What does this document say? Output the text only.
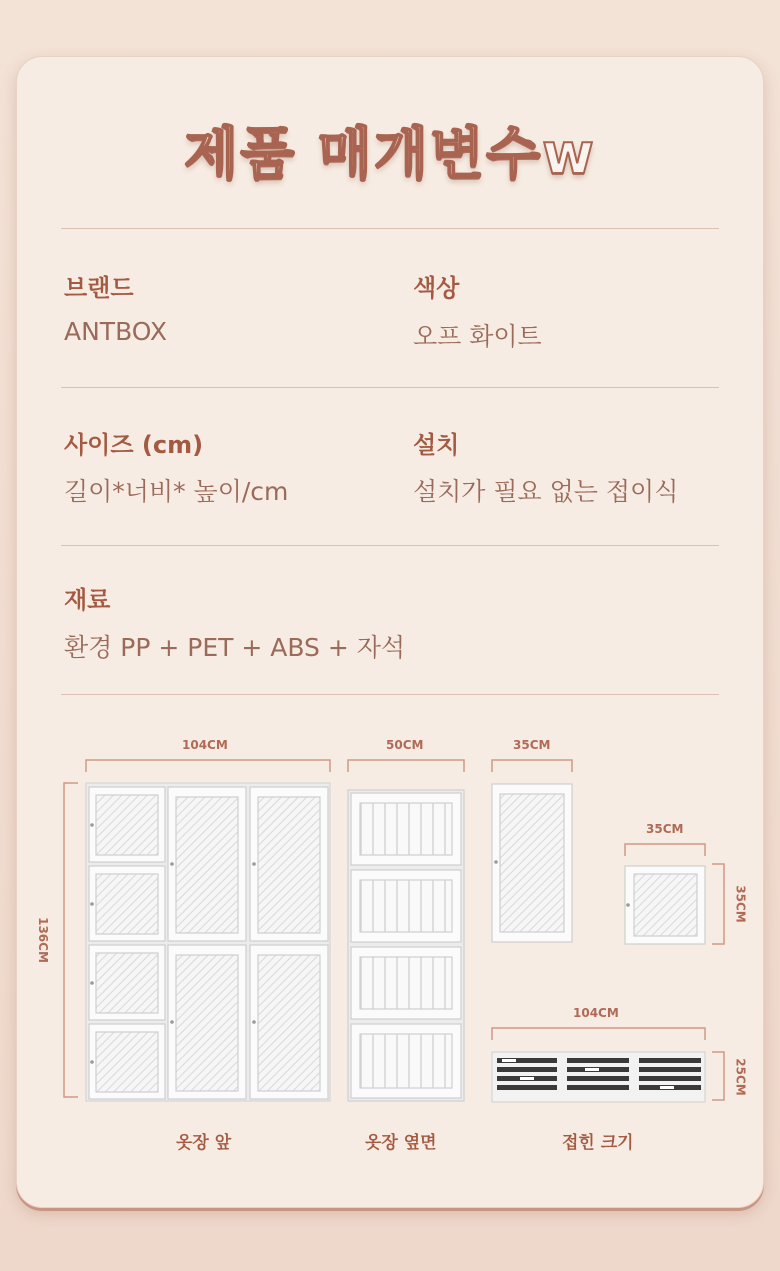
제품 매개변수w
브랜드
ANTBOX
색상
오프 화이트
사이즈 (cm)
길이*너비* 높이/cm
설치
설치가 필요 없는 접이식
재료
환경 PP + PET + ABS + 자석
104CM	50CM	35CM
35CM
104CM
136CM
35CM
25CM
옷장 앞	옷장 옆면	접힌 크기
